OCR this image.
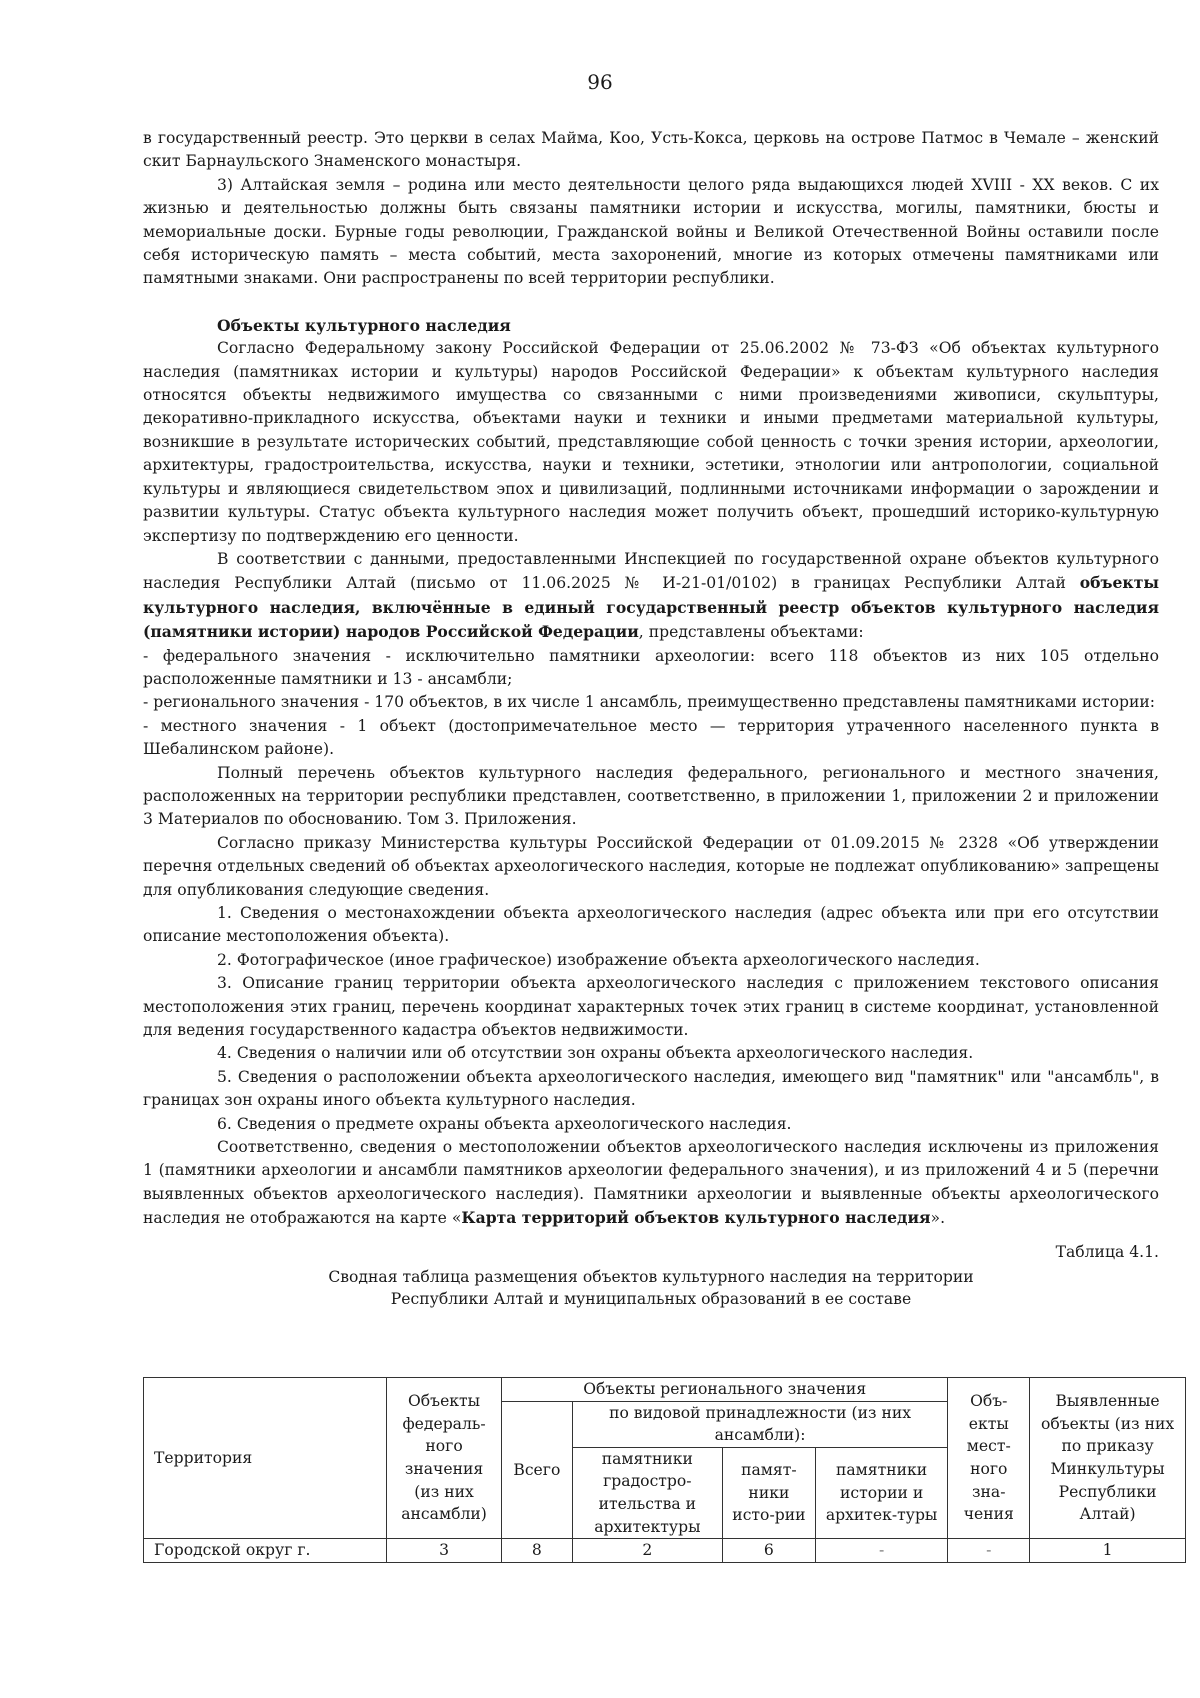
96

в государственный реестр. Это церкви в селах Майма, Коо, Усть-Кокса, церковь на острове Патмос в Чемале – женский скит Барнаульского Знаменского монастыря.

3) Алтайская земля – родина или место деятельности целого ряда выдающихся людей XVIII - XX веков. С их жизнью и деятельностью должны быть связаны памятники истории и искусства, могилы, памятники, бюсты и мемориальные доски. Бурные годы революции, Гражданской войны и Великой Отечественной Войны оставили после себя историческую память – места событий, места захоронений, многие из которых отмечены памятниками или памятными знаками. Они распространены по всей территории республики.

Объекты культурного наследия

Согласно Федеральному закону Российской Федерации от 25.06.2002 № 73-ФЗ «Об объектах культурного наследия (памятниках истории и культуры) народов Российской Федерации» к объектам культурного наследия относятся объекты недвижимого имущества со связанными с ними произведениями живописи, скульптуры, декоративно-прикладного искусства, объектами науки и техники и иными предметами материальной культуры, возникшие в результате исторических событий, представляющие собой ценность с точки зрения истории, археологии, архитектуры, градостроительства, искусства, науки и техники, эстетики, этнологии или антропологии, социальной культуры и являющиеся свидетельством эпох и цивилизаций, подлинными источниками информации о зарождении и развитии культуры. Статус объекта культурного наследия может получить объект, прошедший историко-культурную экспертизу по подтверждению его ценности.

В соответствии с данными, предоставленными Инспекцией по государственной охране объектов культурного наследия Республики Алтай (письмо от 11.06.2025 № И-21-01/0102) в границах Республики Алтай объекты культурного наследия, включённые в единый государственный реестр объектов культурного наследия (памятники истории) народов Российской Федерации, представлены объектами:

- федерального значения - исключительно памятники археологии: всего 118 объектов из них 105 отдельно расположенные памятники и 13 - ансамбли;

- регионального значения - 170 объектов, в их числе 1 ансамбль, преимущественно представлены памятниками истории:

- местного значения - 1 объект (достопримечательное место — территория утраченного населенного пункта в Шебалинском районе).

Полный перечень объектов культурного наследия федерального, регионального и местного значения, расположенных на территории республики представлен, соответственно, в приложении 1, приложении 2 и приложении 3 Материалов по обоснованию. Том 3. Приложения.

Согласно приказу Министерства культуры Российской Федерации от 01.09.2015 № 2328 «Об утверждении перечня отдельных сведений об объектах археологического наследия, которые не подлежат опубликованию» запрещены для опубликования следующие сведения.

1. Сведения о местонахождении объекта археологического наследия (адрес объекта или при его отсутствии описание местоположения объекта).

2. Фотографическое (иное графическое) изображение объекта археологического наследия.

3. Описание границ территории объекта археологического наследия с приложением текстового описания местоположения этих границ, перечень координат характерных точек этих границ в системе координат, установленной для ведения государственного кадастра объектов недвижимости.

4. Сведения о наличии или об отсутствии зон охраны объекта археологического наследия.

5. Сведения о расположении объекта археологического наследия, имеющего вид "памятник" или "ансамбль", в границах зон охраны иного объекта культурного наследия.

6. Сведения о предмете охраны объекта археологического наследия.

Соответственно, сведения о местоположении объектов археологического наследия исключены из приложения 1 (памятники археологии и ансамбли памятников археологии федерального значения), и из приложений 4 и 5 (перечни выявленных объектов археологического наследия). Памятники археологии и выявленные объекты археологического наследия не отображаются на карте «Карта территорий объектов культурного наследия».

Таблица 4.1.

Сводная таблица размещения объектов культурного наследия на территории

Республики Алтай и муниципальных образований в ее составе

Территория	Объекты федераль-ного значения (из них ансамбли)	Объекты регионального значения				Объ-екты мест-ного зна-чения	Выявленные объекты (из них по приказу Минкультуры Республики Алтай)
		Всего	по видовой принадлежности (из них ансамбли):				
			памятники градостро-ительства и архитектуры	памят-ники исто-рии	памятники истории и архитек-туры		
Городской округ г.	3	8	2	6	-	-	1
